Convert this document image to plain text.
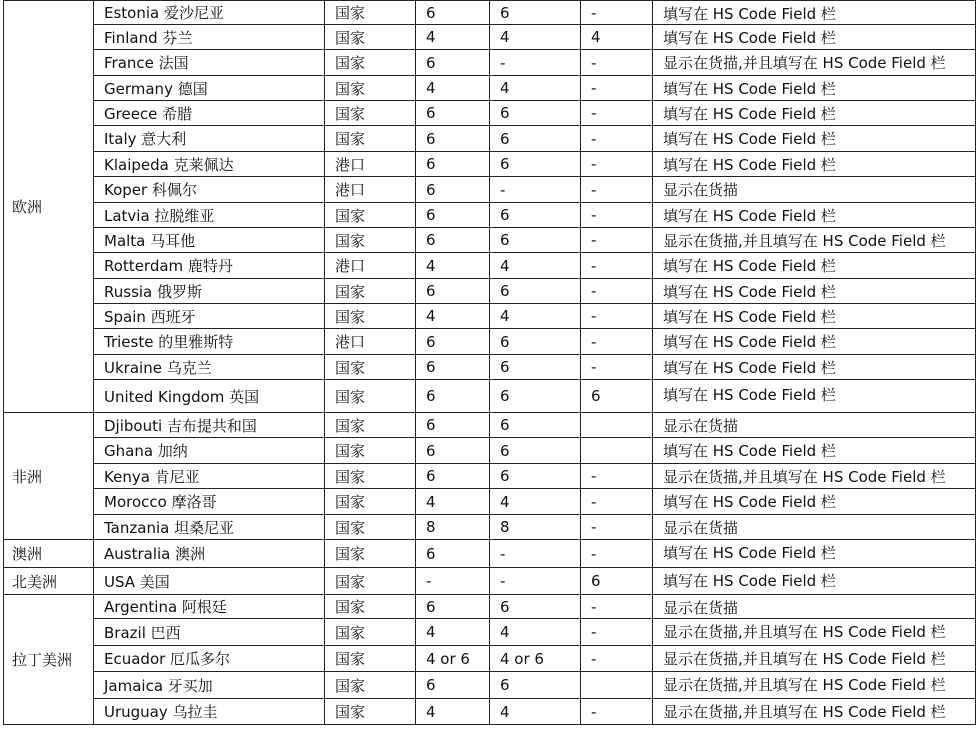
欧洲	Estonia 爱沙尼亚	国家	6	6	-	填写在 HS Code Field 栏
	Finland 芬兰	国家	4	4	4	填写在 HS Code Field 栏
	France 法国	国家	6	-	-	显示在货描,并且填写在 HS Code Field 栏
	Germany 德国	国家	4	4	-	填写在 HS Code Field 栏
	Greece 希腊	国家	6	6	-	填写在 HS Code Field 栏
	Italy 意大利	国家	6	6	-	填写在 HS Code Field 栏
	Klaipeda 克莱佩达	港口	6	6	-	填写在 HS Code Field 栏
	Koper 科佩尔	港口	6	-	-	显示在货描
	Latvia 拉脱维亚	国家	6	6	-	填写在 HS Code Field 栏
	Malta 马耳他	国家	6	6	-	显示在货描,并且填写在 HS Code Field 栏
	Rotterdam 鹿特丹	港口	4	4	-	填写在 HS Code Field 栏
	Russia 俄罗斯	国家	6	6	-	填写在 HS Code Field 栏
	Spain 西班牙	国家	4	4	-	填写在 HS Code Field 栏
	Trieste 的里雅斯特	港口	6	6	-	填写在 HS Code Field 栏
	Ukraine 乌克兰	国家	6	6	-	填写在 HS Code Field 栏
	United Kingdom 英国	国家	6	6	6	填写在 HS Code Field 栏
非洲	Djibouti 吉布提共和国	国家	6	6		显示在货描
	Ghana 加纳	国家	6	6		填写在 HS Code Field 栏
	Kenya 肯尼亚	国家	6	6	-	显示在货描,并且填写在 HS Code Field 栏
	Morocco 摩洛哥	国家	4	4	-	填写在 HS Code Field 栏
	Tanzania 坦桑尼亚	国家	8	8	-	显示在货描
澳洲	Australia 澳洲	国家	6	-	-	填写在 HS Code Field 栏
北美洲	USA 美国	国家	-	-	6	填写在 HS Code Field 栏
拉丁美洲	Argentina 阿根廷	国家	6	6	-	显示在货描
	Brazil 巴西	国家	4	4	-	显示在货描,并且填写在 HS Code Field 栏
	Ecuador 厄瓜多尔	国家	4 or 6	4 or 6	-	显示在货描,并且填写在 HS Code Field 栏
	Jamaica 牙买加	国家	6	6		显示在货描,并且填写在 HS Code Field 栏
	Uruguay 乌拉圭	国家	4	4	-	显示在货描,并且填写在 HS Code Field 栏
